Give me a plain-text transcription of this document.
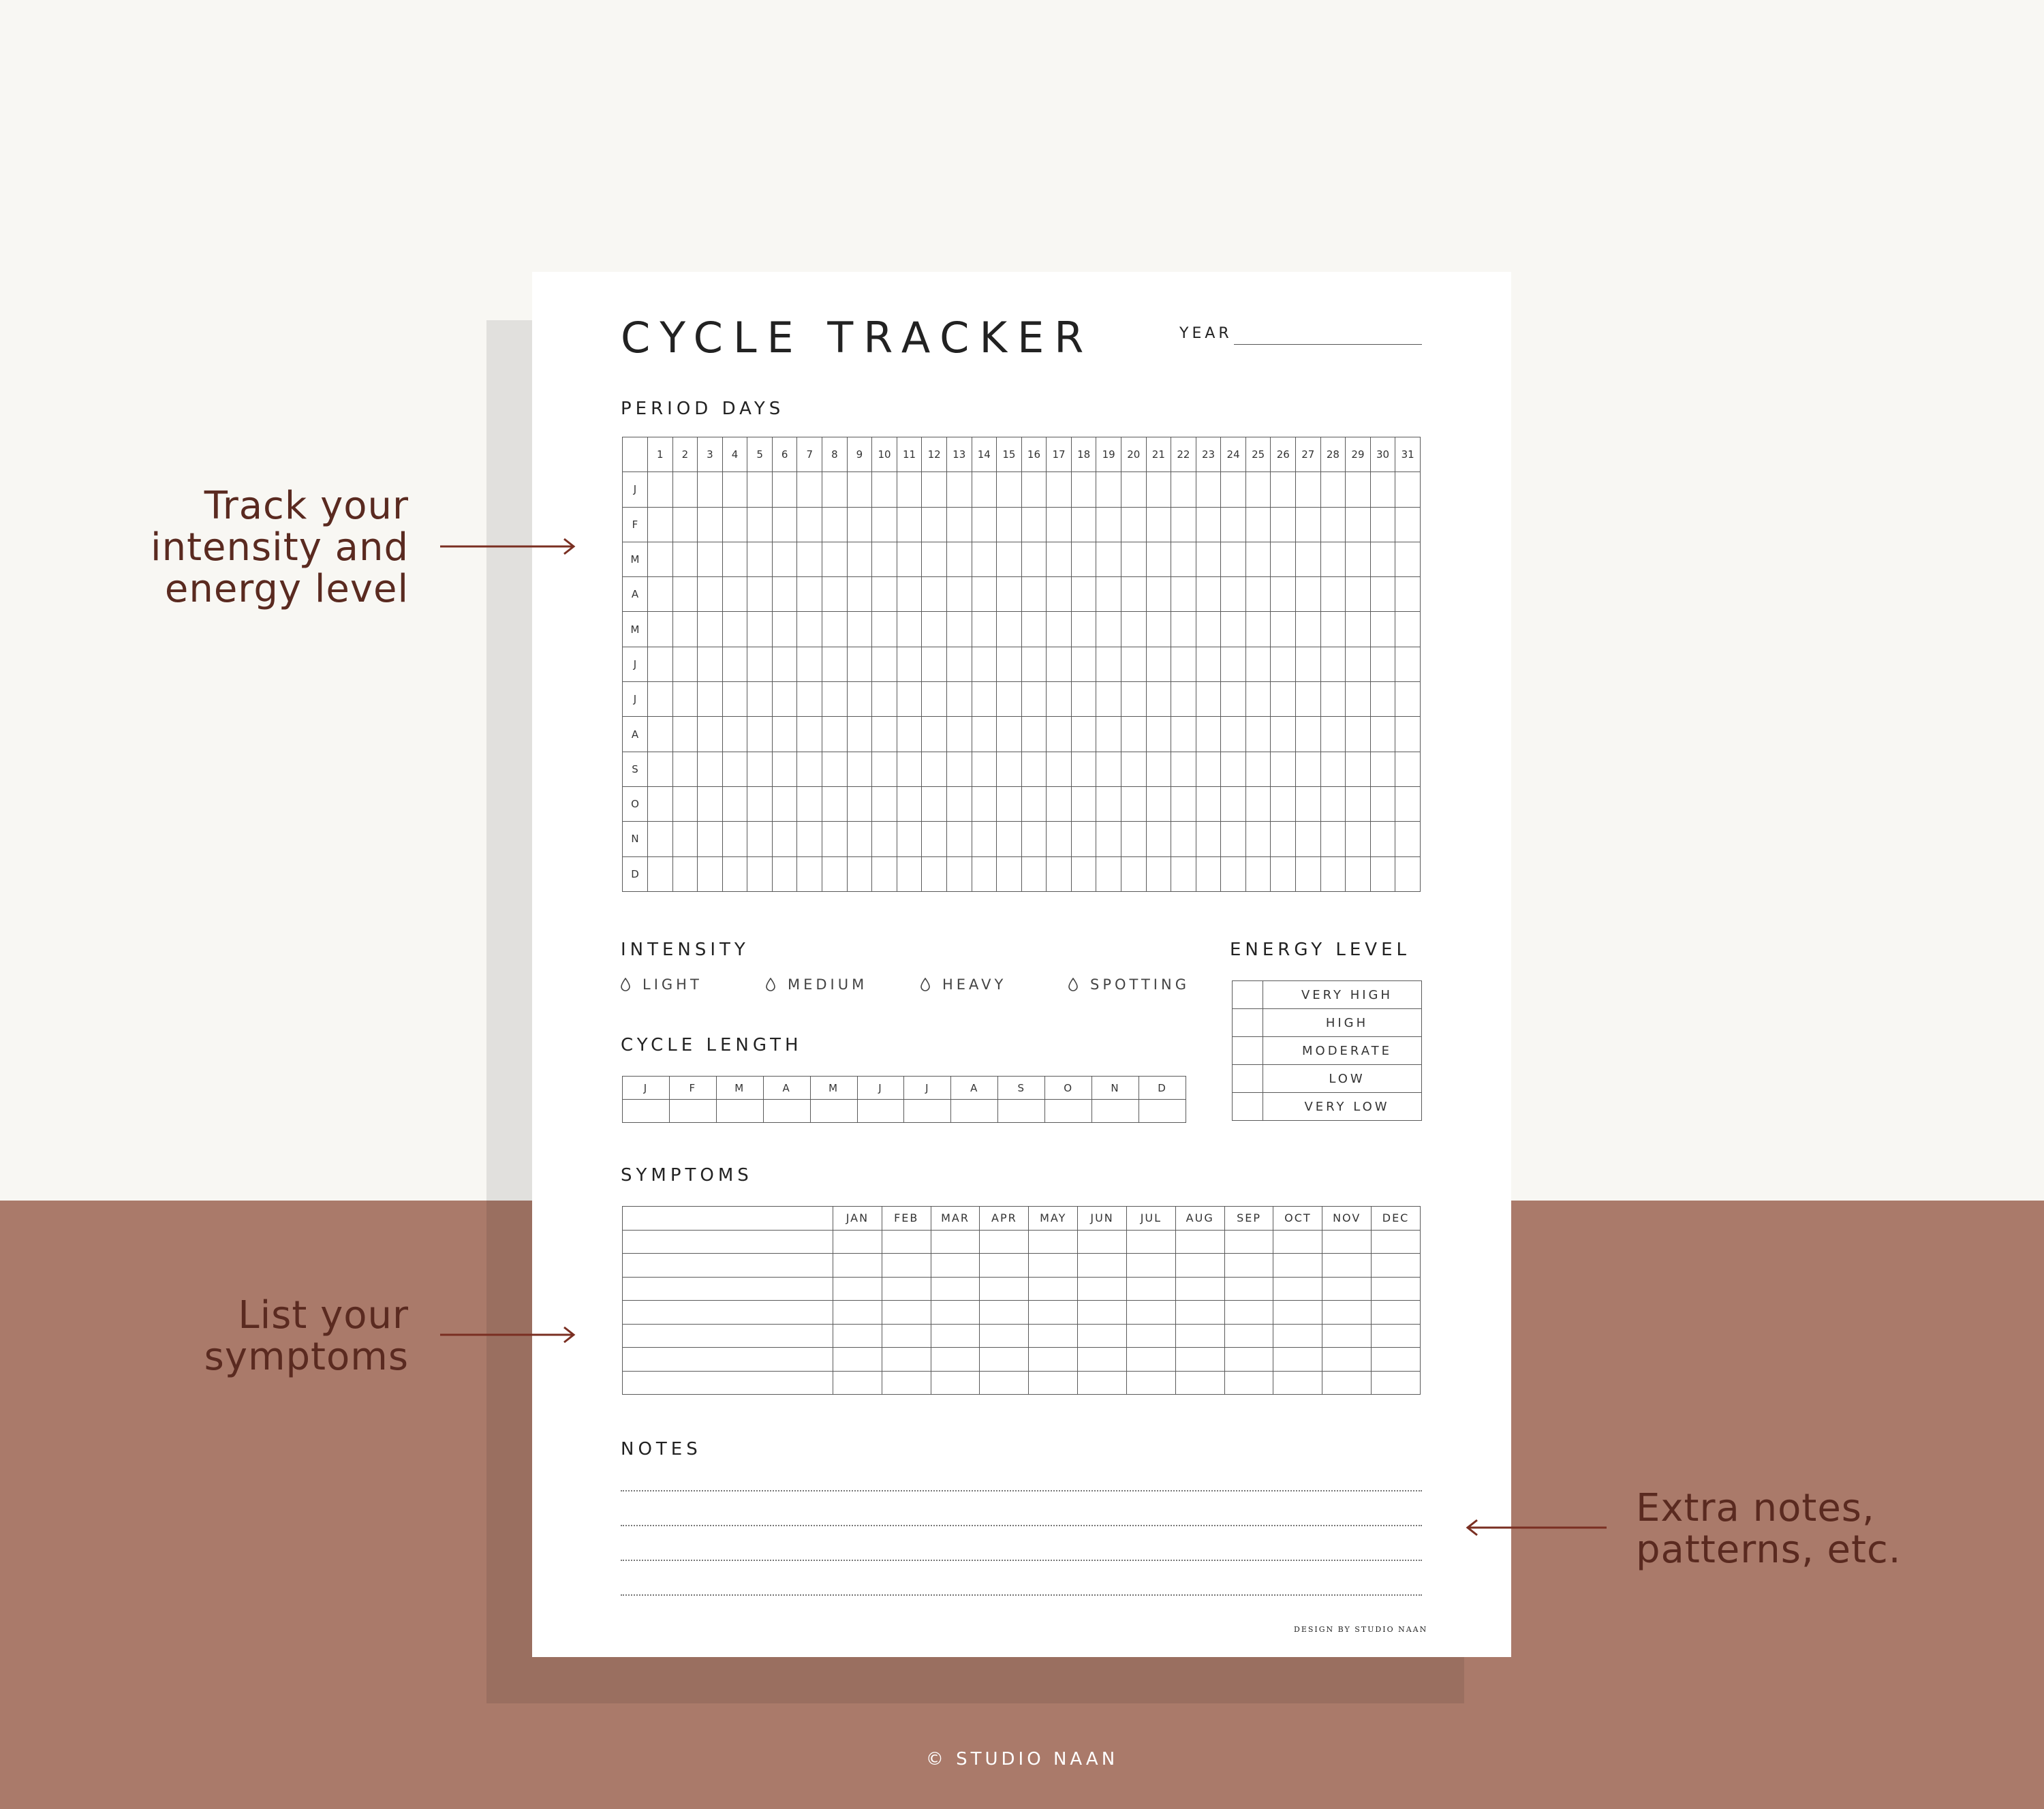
CYCLE TRACKER	YEAR
PERIOD DAYS
	1	2	3	4	5	6	7	8	9	10	11	12	13	14	15	16	17	18	19	20	21	22	23	24	25	26	27	28	29	30	31
J																															
F																															
M																															
A																															
M																															
J																															
J																															
A																															
S																															
O																															
N																															
D																															
INTENSITY
LIGHT	MEDIUM	HEAVY	SPOTTING
ENERGY LEVEL
	VERY HIGH
	HIGH
	MODERATE
	LOW
	VERY LOW
CYCLE LENGTH
J	F	M	A	M	J	J	A	S	O	N	D

SYMPTOMS
	JAN	FEB	MAR	APR	MAY	JUN	JUL	AUG	SEP	OCT	NOV	DEC

NOTES
DESIGN BY STUDIO NAAN
Track your
intensity and
energy level
List your
symptoms
Extra notes,
patterns, etc.
© STUDIO NAAN
